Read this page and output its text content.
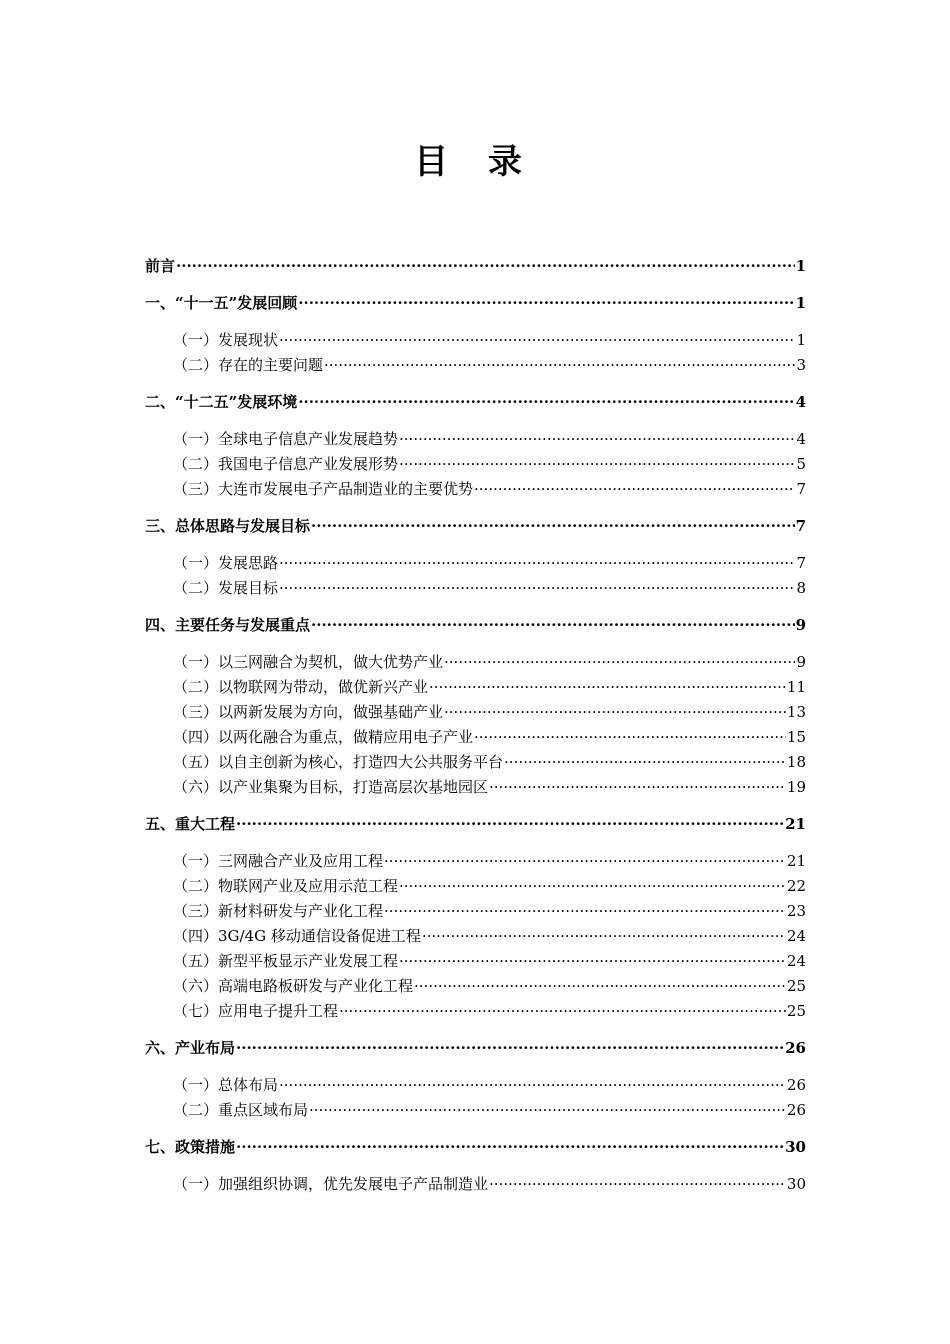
目 录
前言 ·····	1
一、“十一五”发展回顾 ·····	1
（一）发展现状 ·····	1
（二）存在的主要问题 ·····	3
二、“十二五”发展环境 ·····	4
（一）全球电子信息产业发展趋势 ·····	4
（二）我国电子信息产业发展形势 ·····	5
（三）大连市发展电子产品制造业的主要优势 ·····	7
三、总体思路与发展目标 ·····	7
（一）发展思路 ·····	7
（二）发展目标 ·····	8
四、主要任务与发展重点 ·····	9
（一）以三网融合为契机，做大优势产业 ·····	9
（二）以物联网为带动，做优新兴产业 ·····	11
（三）以两新发展为方向，做强基础产业 ·····	13
（四）以两化融合为重点，做精应用电子产业 ·····	15
（五）以自主创新为核心，打造四大公共服务平台 ·····	18
（六）以产业集聚为目标，打造高层次基地园区 ·····	19
五、重大工程 ·····	21
（一）三网融合产业及应用工程 ·····	21
（二）物联网产业及应用示范工程 ·····	22
（三）新材料研发与产业化工程 ·····	23
（四）3G/4G 移动通信设备促进工程 ·····	24
（五）新型平板显示产业发展工程 ·····	24
（六）高端电路板研发与产业化工程 ·····	25
（七）应用电子提升工程 ·····	25
六、产业布局 ·····	26
（一）总体布局 ·····	26
（二）重点区域布局 ·····	26
七、政策措施 ·····	30
（一）加强组织协调，优先发展电子产品制造业 ·····	30
